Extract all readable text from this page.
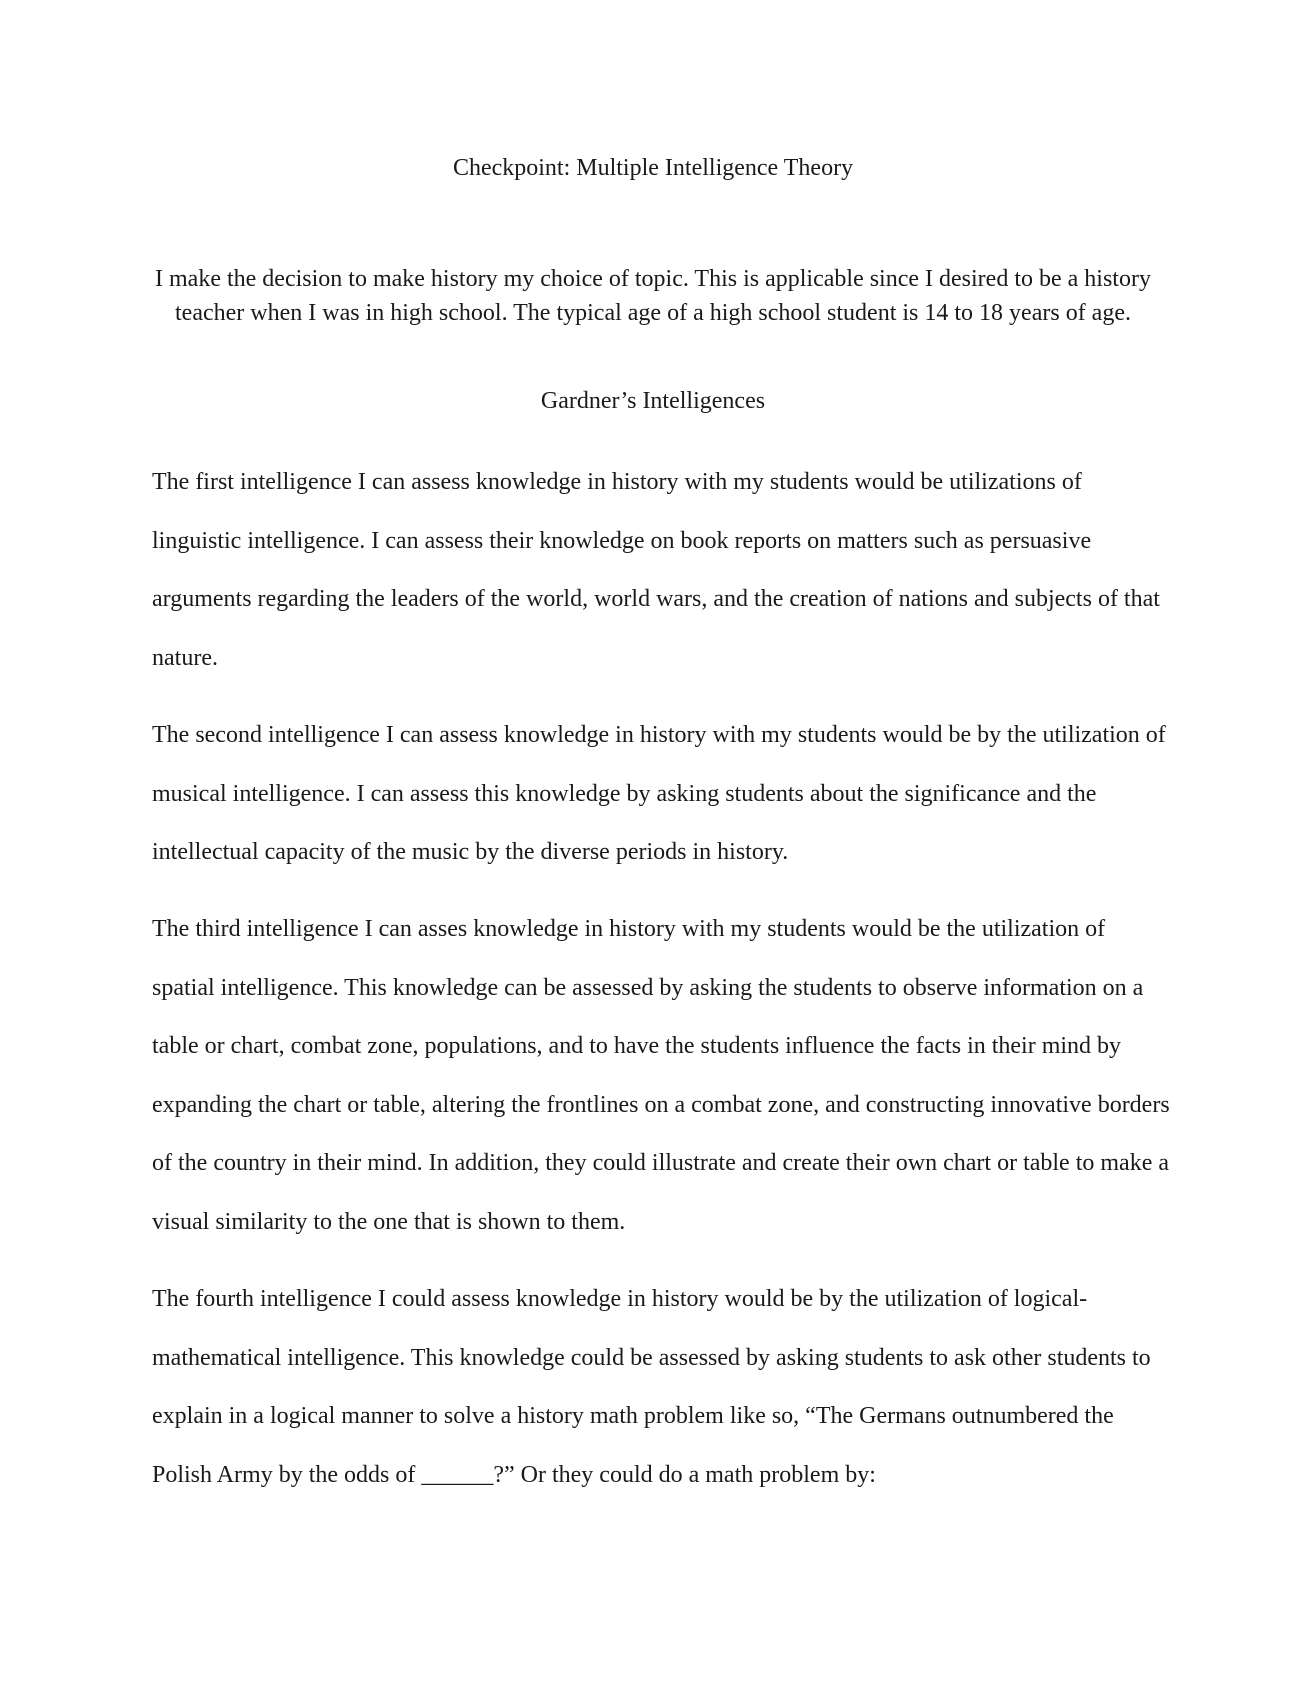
Checkpoint: Multiple Intelligence Theory
I make the decision to make history my choice of topic. This is applicable since I desired to be a history teacher when I was in high school. The typical age of a high school student is 14 to 18 years of age.
Gardner’s Intelligences

The first intelligence I can assess knowledge in history with my students would be utilizations of linguistic intelligence. I can assess their knowledge on book reports on matters such as persuasive arguments regarding the leaders of the world, world wars, and the creation of nations and subjects of that nature.

The second intelligence I can assess knowledge in history with my students would be by the utilization of musical intelligence. I can assess this knowledge by asking students about the significance and the intellectual capacity of the music by the diverse periods in history.

The third intelligence I can asses knowledge in history with my students would be the utilization of spatial intelligence. This knowledge can be assessed by asking the students to observe information on a table or chart, combat zone, populations, and to have the students influence the facts in their mind by expanding the chart or table, altering the frontlines on a combat zone, and constructing innovative borders of the country in their mind. In addition, they could illustrate and create their own chart or table to make a visual similarity to the one that is shown to them.

The fourth intelligence I could assess knowledge in history would be by the utilization of logical-mathematical intelligence. This knowledge could be assessed by asking students to ask other students to explain in a logical manner to solve a history math problem like so, “The Germans outnumbered the Polish Army by the odds of ______?” Or they could do a math problem by:
